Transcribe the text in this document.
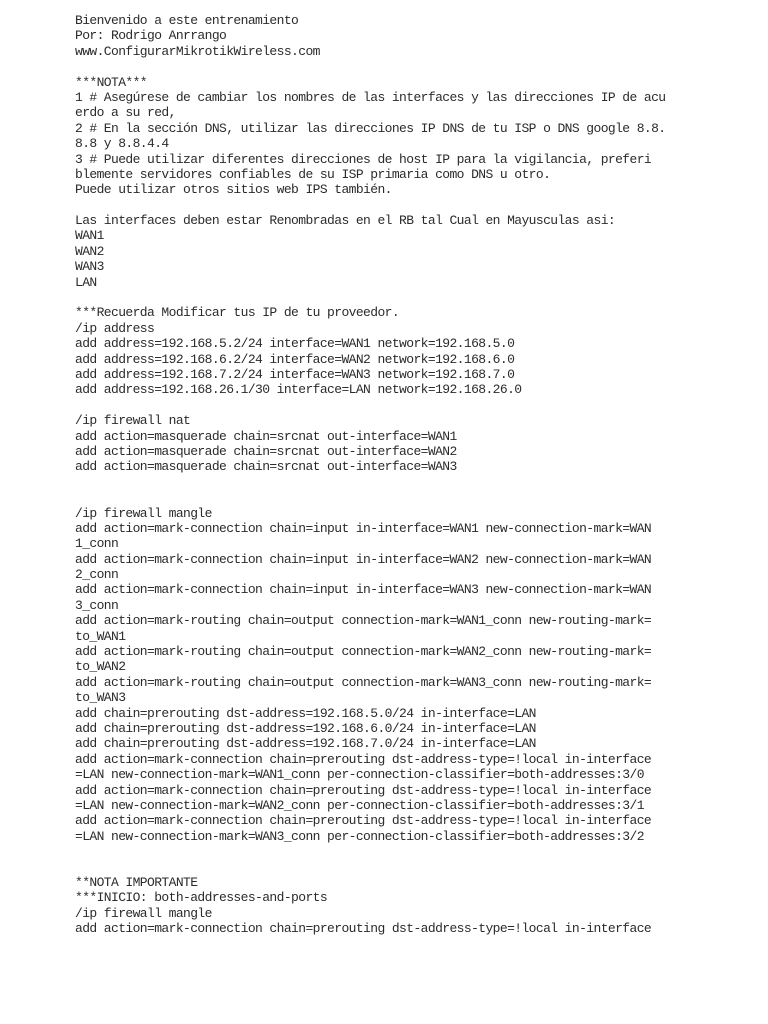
Bienvenido a este entrenamiento
Por: Rodrigo Anrrango
www.ConfigurarMikrotikWireless.com
***NOTA***
1 # Asegúrese de cambiar los nombres de las interfaces y las direcciones IP de acu
erdo a su red,
2 # En la sección DNS, utilizar las direcciones IP DNS de tu ISP o DNS google 8.8.
8.8 y 8.8.4.4
3 # Puede utilizar diferentes direcciones de host IP para la vigilancia, preferi
blemente servidores confiables de su ISP primaria como DNS u otro.
Puede utilizar otros sitios web IPS también.
Las interfaces deben estar Renombradas en el RB tal Cual en Mayusculas asi:
WAN1
WAN2
WAN3
LAN
***Recuerda Modificar tus IP de tu proveedor.
/ip address
add address=192.168.5.2/24 interface=WAN1 network=192.168.5.0
add address=192.168.6.2/24 interface=WAN2 network=192.168.6.0
add address=192.168.7.2/24 interface=WAN3 network=192.168.7.0
add address=192.168.26.1/30 interface=LAN network=192.168.26.0
/ip firewall nat
add action=masquerade chain=srcnat out-interface=WAN1
add action=masquerade chain=srcnat out-interface=WAN2
add action=masquerade chain=srcnat out-interface=WAN3
/ip firewall mangle
add action=mark-connection chain=input in-interface=WAN1 new-connection-mark=WAN
1_conn
add action=mark-connection chain=input in-interface=WAN2 new-connection-mark=WAN
2_conn
add action=mark-connection chain=input in-interface=WAN3 new-connection-mark=WAN
3_conn
add action=mark-routing chain=output connection-mark=WAN1_conn new-routing-mark=
to_WAN1
add action=mark-routing chain=output connection-mark=WAN2_conn new-routing-mark=
to_WAN2
add action=mark-routing chain=output connection-mark=WAN3_conn new-routing-mark=
to_WAN3
add chain=prerouting dst-address=192.168.5.0/24 in-interface=LAN
add chain=prerouting dst-address=192.168.6.0/24 in-interface=LAN
add chain=prerouting dst-address=192.168.7.0/24 in-interface=LAN
add action=mark-connection chain=prerouting dst-address-type=!local in-interface
=LAN new-connection-mark=WAN1_conn per-connection-classifier=both-addresses:3/0
add action=mark-connection chain=prerouting dst-address-type=!local in-interface
=LAN new-connection-mark=WAN2_conn per-connection-classifier=both-addresses:3/1
add action=mark-connection chain=prerouting dst-address-type=!local in-interface
=LAN new-connection-mark=WAN3_conn per-connection-classifier=both-addresses:3/2
**NOTA IMPORTANTE
***INICIO: both-addresses-and-ports
/ip firewall mangle
add action=mark-connection chain=prerouting dst-address-type=!local in-interface
